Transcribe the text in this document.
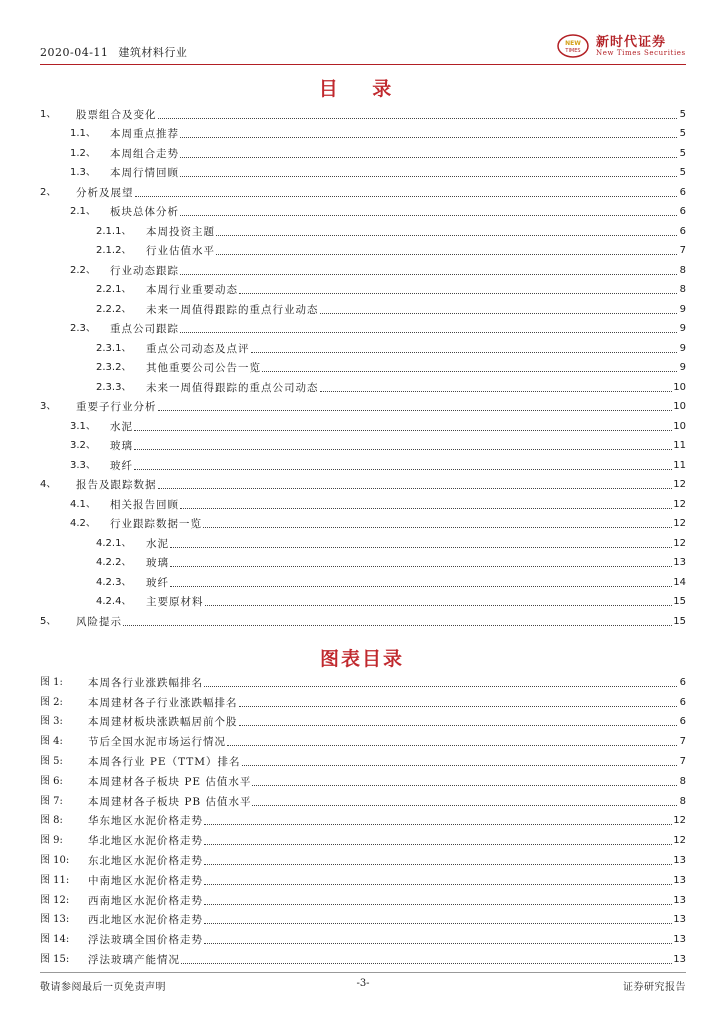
2020-04-11 建筑材料行业
NEW
TIMES
新时代证券
New Times Securities
目 录
1、	股票组合及变化	5
1.1、	本周重点推荐	5
1.2、	本周组合走势	5
1.3、	本周行情回顾	5
2、	分析及展望	6
2.1、	板块总体分析	6
2.1.1、	本周投资主题	6
2.1.2、	行业估值水平	7
2.2、	行业动态跟踪	8
2.2.1、	本周行业重要动态	8
2.2.2、	未来一周值得跟踪的重点行业动态	9
2.3、	重点公司跟踪	9
2.3.1、	重点公司动态及点评	9
2.3.2、	其他重要公司公告一览	9
2.3.3、	未来一周值得跟踪的重点公司动态	10
3、	重要子行业分析	10
3.1、	水泥	10
3.2、	玻璃	11
3.3、	玻纤	11
4、	报告及跟踪数据	12
4.1、	相关报告回顾	12
4.2、	行业跟踪数据一览	12
4.2.1、	水泥	12
4.2.2、	玻璃	13
4.2.3、	玻纤	14
4.2.4、	主要原材料	15
5、	风险提示	15
图表目录
图 1:	本周各行业涨跌幅排名	6
图 2:	本周建材各子行业涨跌幅排名	6
图 3:	本周建材板块涨跌幅居前个股	6
图 4:	节后全国水泥市场运行情况	7
图 5:	本周各行业 PE（TTM）排名	7
图 6:	本周建材各子板块 PE 估值水平	8
图 7:	本周建材各子板块 PB 估值水平	8
图 8:	华东地区水泥价格走势	12
图 9:	华北地区水泥价格走势	12
图 10:	东北地区水泥价格走势	13
图 11:	中南地区水泥价格走势	13
图 12:	西南地区水泥价格走势	13
图 13:	西北地区水泥价格走势	13
图 14:	浮法玻璃全国价格走势	13
图 15:	浮法玻璃产能情况	13
敬请参阅最后一页免责声明	-3-	证券研究报告
